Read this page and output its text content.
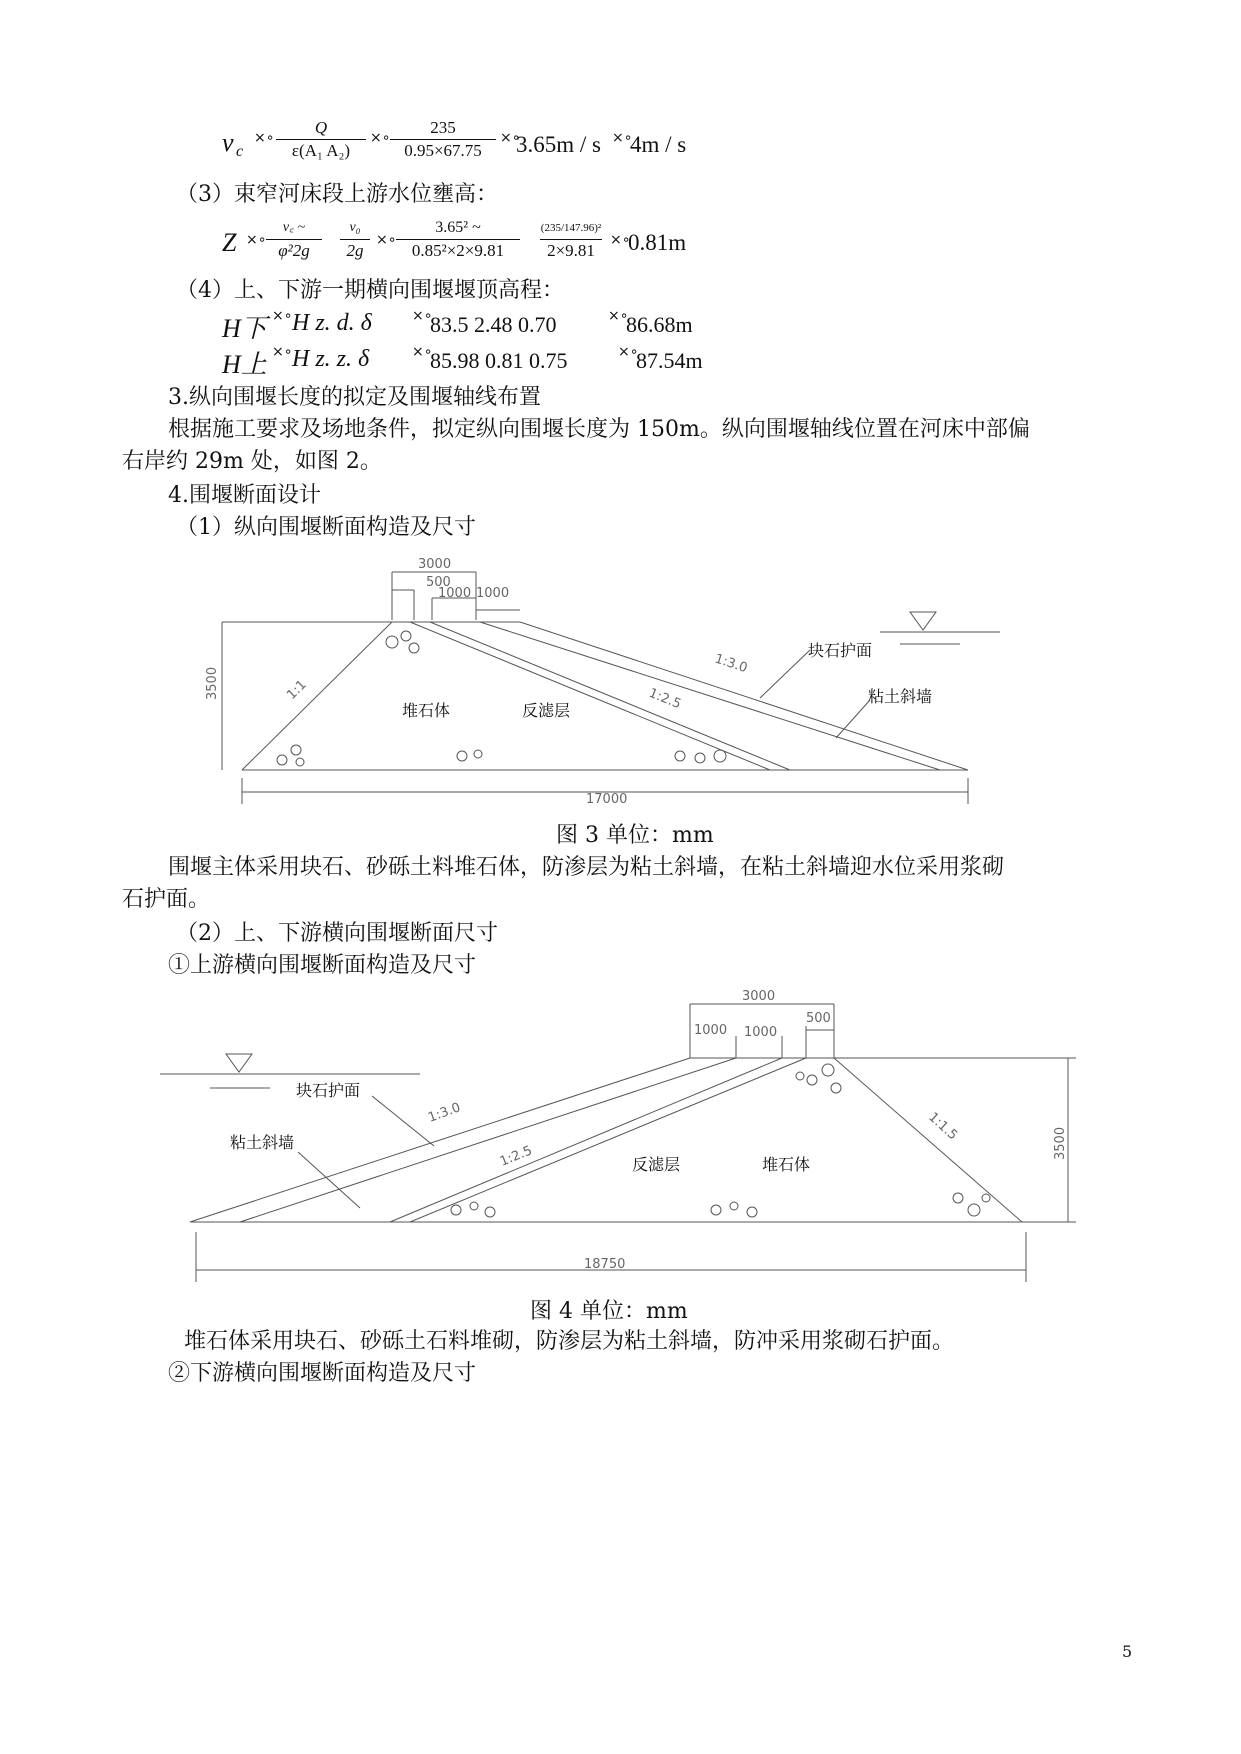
v c
×∘
Q
ε(A₁ A₂)
×∘
235
0.95×67.75
×∘
3.65m / s ×∘
4m / s
（3）束窄河床段上游水位壅高：
Z ×∘
v꜀ ~
φ²2g
v₀
2g
×∘
3.65² ~
0.85²×2×9.81
(235/147.96)²
2×9.81
×∘
0.81m
（4）上、下游一期横向围堰堰顶高程：
H下 ×∘ H z. d. δ	×∘
83.5 2.48 0.70	×∘
86.68m
H上 ×∘ H z. z. δ	×∘
85.98 0.81 0.75	×∘
87.54m
3.纵向围堰长度的拟定及围堰轴线布置
根据施工要求及场地条件，拟定纵向围堰长度为 150m。纵向围堰轴线位置在河床中部偏
右岸约 29m 处，如图 2。
4.围堰断面设计
（1）纵向围堰断面构造及尺寸
3000
500
1000 1000
3500
17000
1:1	1:2.5
1:3.0
堆石体	反滤层
块石护面
粘土斜墙
图 3 单位：mm
围堰主体采用块石、砂砾土料堆石体，防渗层为粘土斜墙，在粘土斜墙迎水位采用浆砌
石护面。
（2）上、下游横向围堰断面尺寸
①上游横向围堰断面构造及尺寸
3000
1000 1000
500
3500
18750
1:3.0
1:2.5
1:1.5
块石护面
粘土斜墙
反滤层	堆石体
图 4 单位：mm
堆石体采用块石、砂砾土石料堆砌，防渗层为粘土斜墙，防冲采用浆砌石护面。
②下游横向围堰断面构造及尺寸
5
